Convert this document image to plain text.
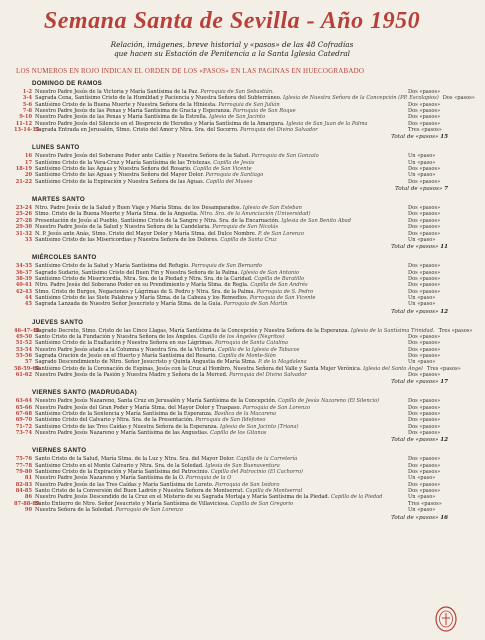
Semana Santa de Sevilla - Año 1950
Relación, imágenes, breve historial y «pasos» de las 48 Cofradías
que hacen su Estación de Penitencia a la Santa Iglesia Catedral
LOS NUMEROS EN ROJO INDICAN EL ORDEN DE LOS «PASOS» EN LAS PAGINAS EN HUECOGRABADO
DOMINGO DE RAMOS
1-2 Nuestro Padre Jesús de la Victoria y María Santísima de la Paz. Parroquia de San Sebastián.	Dos «pasos»
3-4 Sagrada Cena, Santísimo Cristo de la Humildad y Paciencia y Nuestra Señora del Subterráneo. Iglesia de Nuestra Señora de la Concepción (PP. Escolapios) Dos «pasos»
5-6 Santísimo Cristo de la Buena Muerte y Nuestra Señora de la Hiniesta. Parroquia de San Julián	Dos «pasos»
7-8 Nuestro Padre Jesús de las Penas y María Santísima de Gracia y Esperanza. Parroquia de San Roque	Dos «pasos»
9-10 Nuestro Padre Jesús de las Penas y María Santísima de la Estrella. Iglesia de San Jacinto	Dos «pasos»
11-12 Nuestro Padre Jesús del Silencio en el Desprecio de Herodes y María Santísima de la Amargura. Iglesia de San Juan de la Palma	Dos «pasos»
13-14-15
Sagrada Entrada en Jerusalén, Stmo. Cristo del Amor y Ntra. Sra. del Socorro. Parroquia del Divino Salvador	Tres «pasos»
Total de «pasos» 15
LUNES SANTO
16 Nuestro Padre Jesús del Soberano Poder ante Caifás y Nuestra Señora de la Salud. Parroquia de San Gonzalo	Un «paso»
17 Santísimo Cristo de la Vera-Cruz y María Santísima de las Tristezas. Capilla de Jesús	Un «paso»
18-19 Santísimo Cristo de las Aguas y Nuestra Señora del Rosario. Capilla de San Vicente	Dos «pasos»
20 Santísimo Cristo de las Aguas y Nuestra Señora del Mayor Dolor. Parroquia de Santiago	Un «paso»
21-22 Santísimo Cristo de la Expiración y Nuestra Señora de las Aguas. Capilla del Museo	Dos «pasos»
Total de «pasos» 7
MARTES SANTO
23-24 Ntro. Padre Jesús de la Salud y Buen Viaje y María Stma. de los Desamparados. Iglesia de San Esteban	Dos «pasos»
25-26 Stmo. Cristo de la Buena Muerte y María Stma. de la Angustia. Ntra. Sra. de la Anunciación (Universidad)	Dos «pasos»
27-28 Presentación de Jesús al Pueblo, Santísimo Cristo de la Sangre y Ntra. Sra. de la Encarnación. Iglesia de San Benito Abad	Dos «pasos»
29-30 Nuestro Padre Jesús de la Salud y Nuestra Señora de la Candelaria. Parroquia de San Nicolás	Dos «pasos»
31-32 N. P. Jesús ante Anás, Stmo. Cristo del Mayor Dolor y María Stma. del Dulce Nombre. P. de San Lorenzo	Dos «pasos»
33 Santísimo Cristo de las Misericordias y Nuestra Señora de los Dolores. Capilla de Santa Cruz	Un «paso»
Total de «pasos» 11
MIÉRCOLES SANTO
34-35 Santísimo Cristo de la Salud y María Santísima del Refugio. Parroquia de San Bernardo	Dos «pasos»
36-37 Sagrado Sudario, Santísimo Cristo del Buen Fin y Nuestra Señora de la Palma. Iglesia de San Antonio	Dos «pasos»
38-39 Santísimo Cristo de Misericordia, Ntra. Sra. de la Piedad y Ntra. Sra. de la Caridad. Capilla de Baratillo	Dos «pasos»
40-41 Ntro. Padre Jesús del Soberano Poder en su Prendimiento y María Stma. de Regla. Capilla de San Andrés	Dos «pasos»
42-43 Stmo. Cristo de Burgos, Negaciones y Lágrimas de S. Pedro y Ntra. Sra. de la Palma. Parroquia de S. Pedro	Dos «pasos»
44 Santísimo Cristo de las Siete Palabras y María Stma. de la Cabeza y los Remedios. Parroquia de San Vicente	Un «paso»
45 Sagrada Lanzada de Nuestro Señor Jesucristo y María Stma. de la Guía. Parroquia de San Martín	Un «paso»
Total de «pasos» 12
JUEVES SANTO
46-47-48
Sagrado Decreto, Stmo. Cristo de las Cinco Llagas, María Santísima de la Concepción y Nuestra Señora de la Esperanza. Iglesia de la Santísima Trinidad. Tres «pasos»
49-50 Santo Cristo de la Fundación y Nuestra Señora de los Ángeles. Capilla de los Ángeles (Negritos)	Dos «pasos»
51-52 Santísimo Cristo de la Exaltación y Nuestra Señora en sus Lágrimas. Parroquia de Santa Catalina	Dos «pasos»
53-54 Nuestro Padre Jesús atado a la Columna y Nuestra Sra. de la Victoria. Capilla de la Iglesia de Tabacos	Dos «pasos»
55-56 Sagrada Oración de Jesús en el Huerto y María Santísima del Rosario. Capilla de Monte-Sión	Dos «pasos»
57 Sagrado Descendimiento de Ntro. Señor Jesucristo y Quinta Angustia de María Stma. P. de la Magdalena	Un «paso»
58-59-60
Santísimo Cristo de la Coronación de Espinas, Jesús con la Cruz al Hombro, Nuestra Señora del Valle y Santa Mujer Verónica. Iglesia del Santo Ángel Tres «pasos»
61-62 Nuestro Padre Jesús de la Pasión y Nuestra Madre y Señora de la Merced. Parroquia del Divino Salvador	Dos «pasos»
Total de «pasos» 17
VIERNES SANTO (MADRUGADA)
63-64 Nuestro Padre Jesús Nazareno, Santa Cruz en Jerusalén y María Santísima de la Concepción. Capilla de Jesús Nazareno (El Silencio)	Dos «pasos»
65-66 Nuestro Padre Jesús del Gran Poder y María Stma. del Mayor Dolor y Traspaso. Parroquia de San Lorenzo	Dos «pasos»
67-68 Santísimo Cristo de la Sentencia y María Santísima de la Esperanza. Basílica de la Macarena	Dos «pasos»
69-70 Santísimo Cristo del Calvario y Ntra. Sra. de la Presentación. Parroquia de San Ildefonso	Dos «pasos»
71-72 Santísimo Cristo de las Tres Caídas y Nuestra Señora de la Esperanza. Iglesia de San Jacinto (Triana)	Dos «pasos»
73-74 Nuestro Padre Jesús Nazareno y María Santísima de las Angustias. Capilla de los Gitanos	Dos «pasos»
Total de «pasos» 12
VIERNES SANTO
75-76 Santo Cristo de la Salud, María Stma. de la Luz y Ntra. Sra. del Mayor Dolor. Capilla de la Carretería	Dos «pasos»
77-78 Santísimo Cristo en el Monte Calvario y Ntra. Sra. de la Soledad. Iglesia de San Buenaventura	Dos «pasos»
79-80 Santísimo Cristo de la Expiración y María Santísima del Patrocinio. Capilla del Patrocinio (El Cachorro)	Dos «pasos»
81 Nuestro Padre Jesús Nazareno y María Santísima de la O. Parroquia de la O	Un «paso»
82-83 Nuestro Padre Jesús de las Tres Caídas y María Santísima de Loreto. Parroquia de San Isidoro	Dos «pasos»
84-85 Santo Cristo de la Conversión del Buen Ladrón y Nuestra Señora de Montserrat. Capilla de Montserrat	Dos «pasos»
86 Nuestro Padre Jesús Descendido de la Cruz en el Misterio de su Sagrada Mortaja y María Santísima de la Piedad. Capilla de la Piedad	Un «paso»
87-88-89
Santo Entierro de Ntro. Señor Jesucristo y María Santísima de Villaviciosa. Capilla de San Gregorio	Tres «pasos»
90 Nuestra Señora de la Soledad. Parroquia de San Lorenzo	Un «paso»
Total de «pasos» 16
